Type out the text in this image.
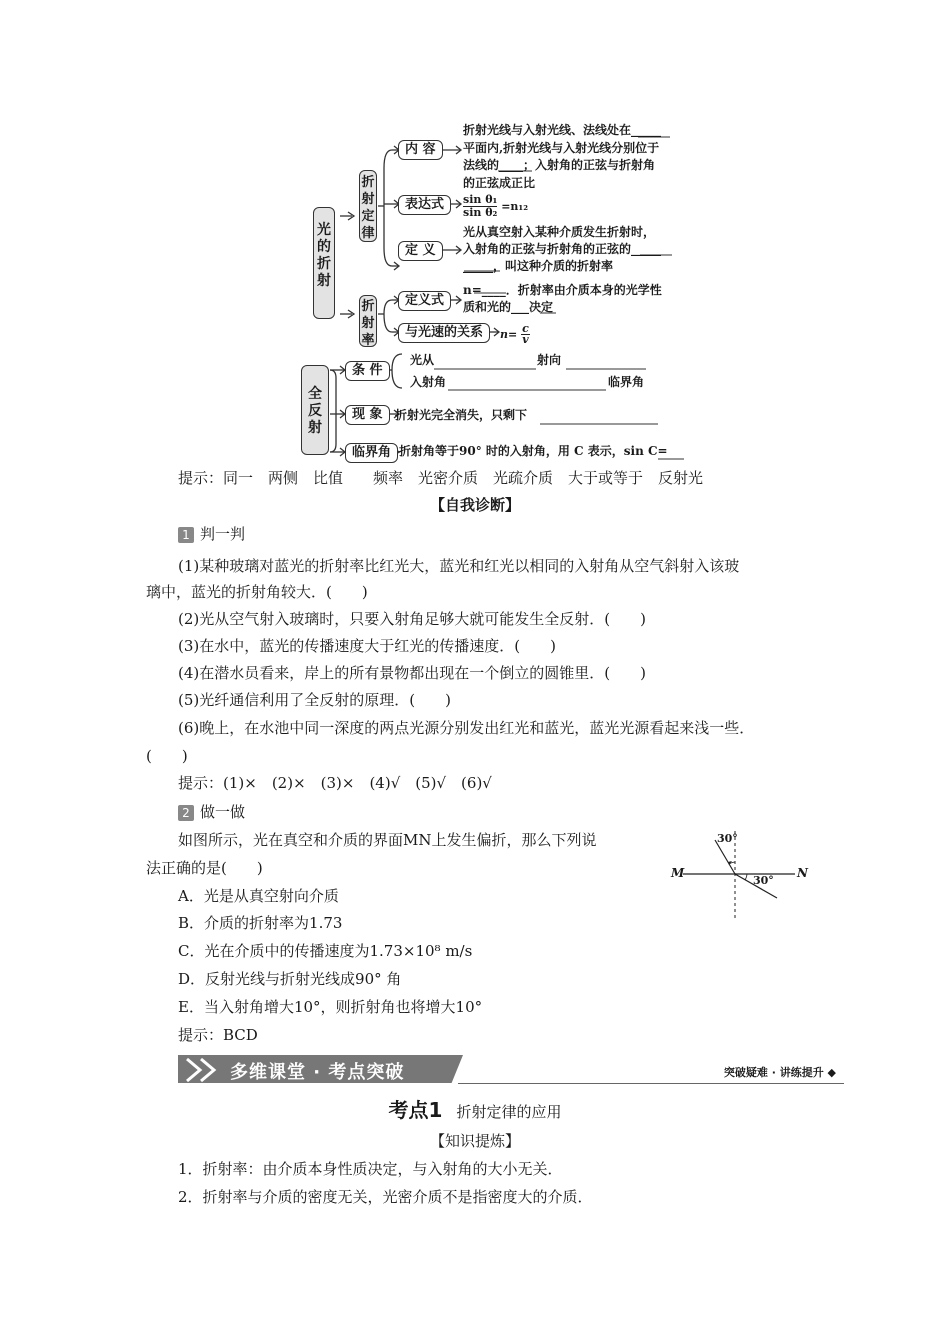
光的折射
折射定律
内 容
表达式
定 义
折射光线与入射光线、法线处在_____
平面内,折射光线与入射光线分别位于
法线的____；入射角的正弦与折射角
的正弦成正比
$\frac{\text{sin θ₁}}{\text{sin θ₂}} =n_{12}$
光从真空射入某种介质发生折射时，
入射角的正弦与折射角的正弦的_____
_____，叫这种介质的折射率
折射率
定义式
与光速的关系
n=____．折射率由介质本身的光学性
质和光的___决定
$n= \frac{c}{v}$
全反射
条 件
现 象
临界角
光从	射向
入射角	临界角
折射光完全消失，只剩下
折射角等于90° 时的入射角，用 C 表示，sin C=
提示：同一　两侧　比值　　频率　光密介质　光疏介质　大于或等于　反射光
【自我诊断】
1 判一判
(1)某种玻璃对蓝光的折射率比红光大，蓝光和红光以相同的入射角从空气斜射入该玻
璃中，蓝光的折射角较大．(　　)
(2)光从空气射入玻璃时，只要入射角足够大就可能发生全反射．(　　)
(3)在水中，蓝光的传播速度大于红光的传播速度．(　　)
(4)在潜水员看来，岸上的所有景物都出现在一个倒立的圆锥里．(　　)
(5)光纤通信利用了全反射的原理．(　　)
(6)晚上，在水池中同一深度的两点光源分别发出红光和蓝光，蓝光光源看起来浅一些．
(　　)
提示：(1)×　(2)×　(3)×　(4)√　(5)√　(6)√
2 做一做
如图所示，光在真空和介质的界面MN上发生偏折，那么下列说
法正确的是(　　)
A．光是从真空射向介质
B．介质的折射率为1.73
C．光在介质中的传播速度为1.73×10⁸ m/s
D．反射光线与折射光线成90° 角
E．当入射角增大10°，则折射角也将增大10°
提示：BCD
M	N
30°
30°
多维课堂 · 考点突破	突破疑难 · 讲练提升 ◆
考点1 折射定律的应用
【知识提炼】
1．折射率：由介质本身性质决定，与入射角的大小无关．
2．折射率与介质的密度无关，光密介质不是指密度大的介质．
